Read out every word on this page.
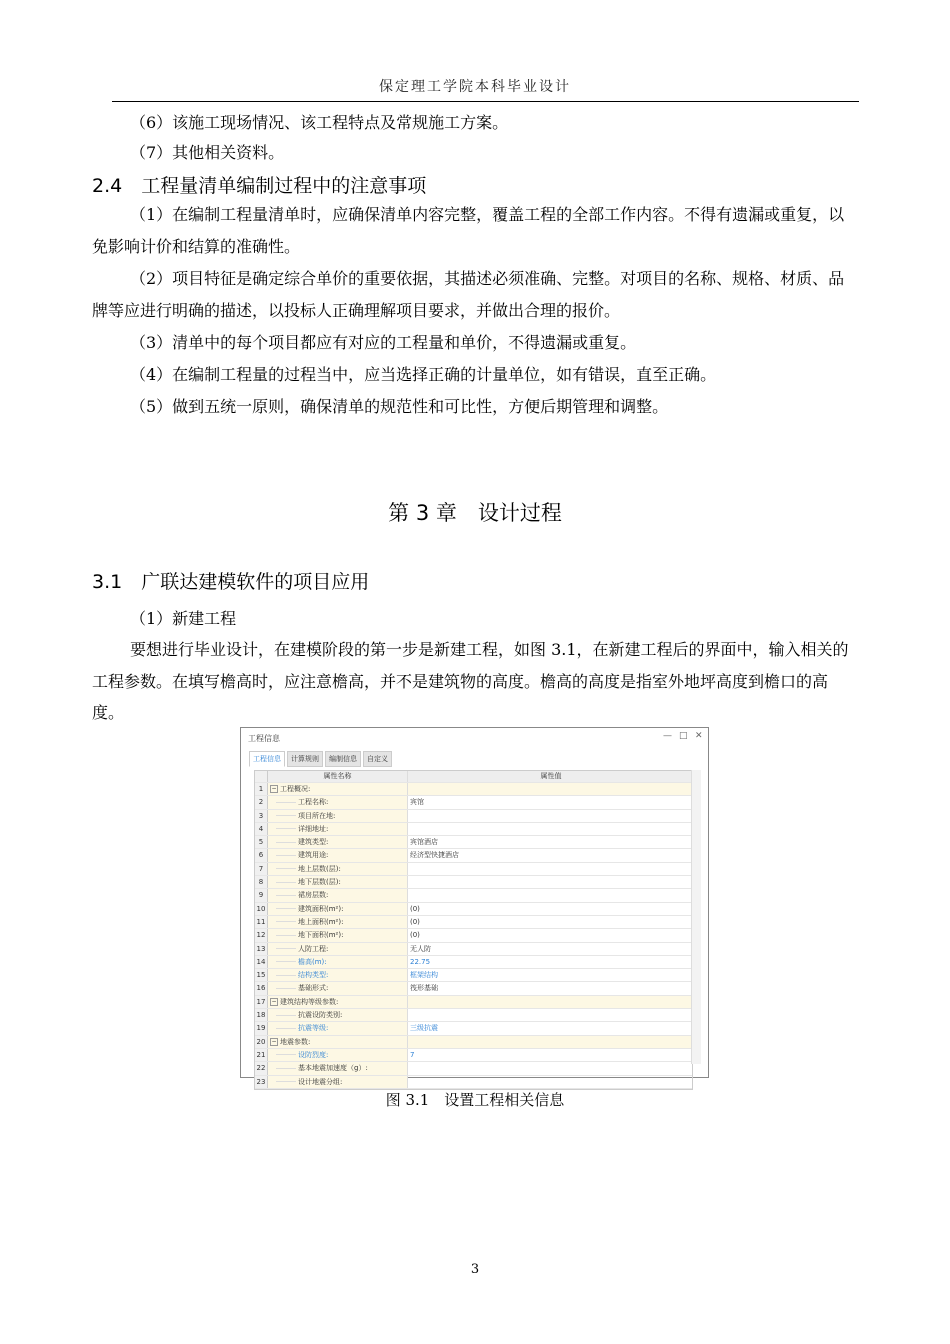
保定理工学院本科毕业设计
（6）该施工现场情况、该工程特点及常规施工方案。
（7）其他相关资料。
2.4　工程量清单编制过程中的注意事项
（1）在编制工程量清单时，应确保清单内容完整，覆盖工程的全部工作内容。不得有遗漏或重复，以免影响计价和结算的准确性。
（2）项目特征是确定综合单价的重要依据，其描述必须准确、完整。对项目的名称、规格、材质、品牌等应进行明确的描述，以投标人正确理解项目要求，并做出合理的报价。
（3）清单中的每个项目都应有对应的工程量和单价，不得遗漏或重复。
（4）在编制工程量的过程当中，应当选择正确的计量单位，如有错误，直至正确。
（5）做到五统一原则，确保清单的规范性和可比性，方便后期管理和调整。
第 3 章　设计过程
3.1　广联达建模软件的项目应用
（1）新建工程
要想进行毕业设计，在建模阶段的第一步是新建工程，如图 3.1，在新建工程后的界面中，输入相关的工程参数。在填写檐高时，应注意檐高，并不是建筑物的高度。檐高的高度是指室外地坪高度到檐口的高度。
工程信息	— □ ✕
工程信息	计算规则	编制信息	自定义
属性名称	属性值
1	− 工程概况:
2	工程名称:	宾馆
3	项目所在地:
4	详细地址:
5	建筑类型:	宾馆酒店
6	建筑用途:	经济型快捷酒店
7	地上层数(层):
8	地下层数(层):
9	裙房层数:
10	建筑面积(m²):	(0)
11	地上面积(m²):	(0)
12	地下面积(m²):	(0)
13	人防工程:	无人防
14	檐高(m):	22.75
15	结构类型:	框架结构
16	基础形式:	筏形基础
17	− 建筑结构等级参数:
18	抗震设防类别:
19	抗震等级:	三级抗震
20	− 地震参数:
21	设防烈度:	7
22	基本地震加速度（g）:
23	设计地震分组:
图 3.1　设置工程相关信息
3
